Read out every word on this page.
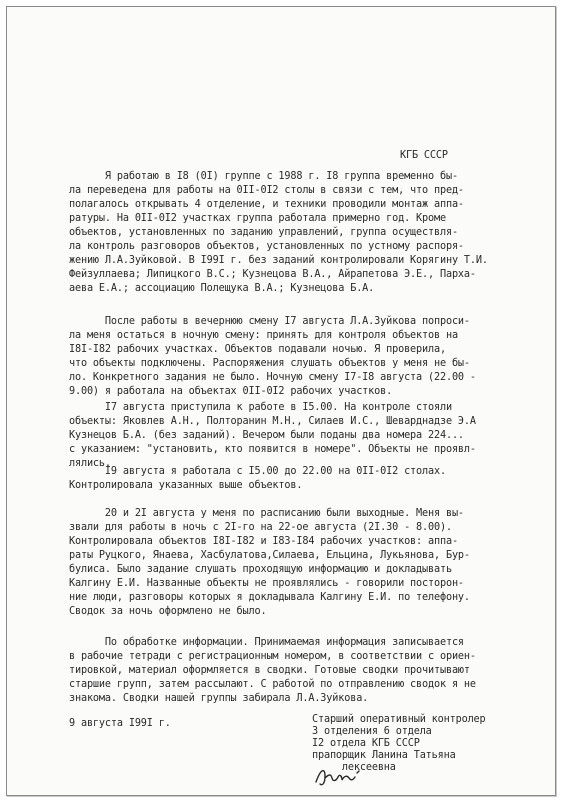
КГБ СССР
Я работаю в I8 (0I) группе с 1988 г. I8 группа временно бы-
ла переведена для работы на 0II-0I2 столы в связи с тем, что пред-
полагалось открывать 4 отделение, и техники проводили монтаж аппа-
ратуры. На 0II-0I2 участках группа работала примерно год. Кроме
объектов, установленных по заданию управлений, группа осуществля-
ла контроль разговоров объектов, установленных по устному распоря-
жению Л.А.Зуйковой. В I99I г. без заданий контролировали Корягину Т.И.
Фейзуллаева; Липицкого В.С.; Кузнецова В.А., Айрапетова Э.Е., Парха-
аева Е.А.; ассоциацию Полещука В.А.; Кузнецова Б.А.
После работы в вечернюю смену I7 августа Л.А.Зуйкова попроси-
ла меня остаться в ночную смену: принять для контроля объектов на
I8I-I82 рабочих участках. Объектов подавали ночью. Я проверила,
что объекты подключены. Распоряжения слушать объектов у меня не бы-
ло. Конкретного задания не было. Ночную смену I7-I8 августа (22.00 -
9.00) я работала на объектах 0II-0I2 рабочих участков.
I7 августа приступила к работе в I5.00. На контроле стояли
объекты: Яковлев А.Н., Полторанин М.Н., Силаев И.С., Шеварднадзе Э.А
Кузнецов Б.А. (без заданий). Вечером были поданы два номера 224...
с указанием: "установить, кто появится в номере". Объекты не проявл-
лялись.
I9 августа я работала с I5.00 до 22.00 на 0II-0I2 столах.
Контролировала указанных выше объектов.
20 и 2I августа у меня по расписанию были выходные. Меня вы-
звали для работы в ночь с 2I-го на 22-ое августа (2I.30 - 8.00).
Контролировала объектов I8I-I82 и I83-I84 рабочих участков: аппа-
раты Руцкого, Янаева, Хасбулатова,Силаева, Ельцина, Лукьянова, Бур-
булиса. Было задание слушать проходящую информацию и докладывать
Калгину Е.И. Названные объекты не проявлялись - говорили посторон-
ние люди, разговоры которых я докладывала Калгину Е.И. по телефону.
Сводок за ночь оформлено не было.
По обработке информации. Принимаемая информация записывается
в рабочие тетради с регистрационным номером, в соответствии с ориен-
тировкой, материал оформляется в сводки. Готовые сводки прочитывают
старшие групп, затем рассылают. С работой по отправлению сводок я не
знакома. Сводки нашей группы забирала Л.А.Зуйкова.
9 августа I99I г.	Старший оперативный контролер
3 отделения 6 отдела
I2 отдела КГБ СССР
прапорщик Ланина Татьяна
лексеевна
